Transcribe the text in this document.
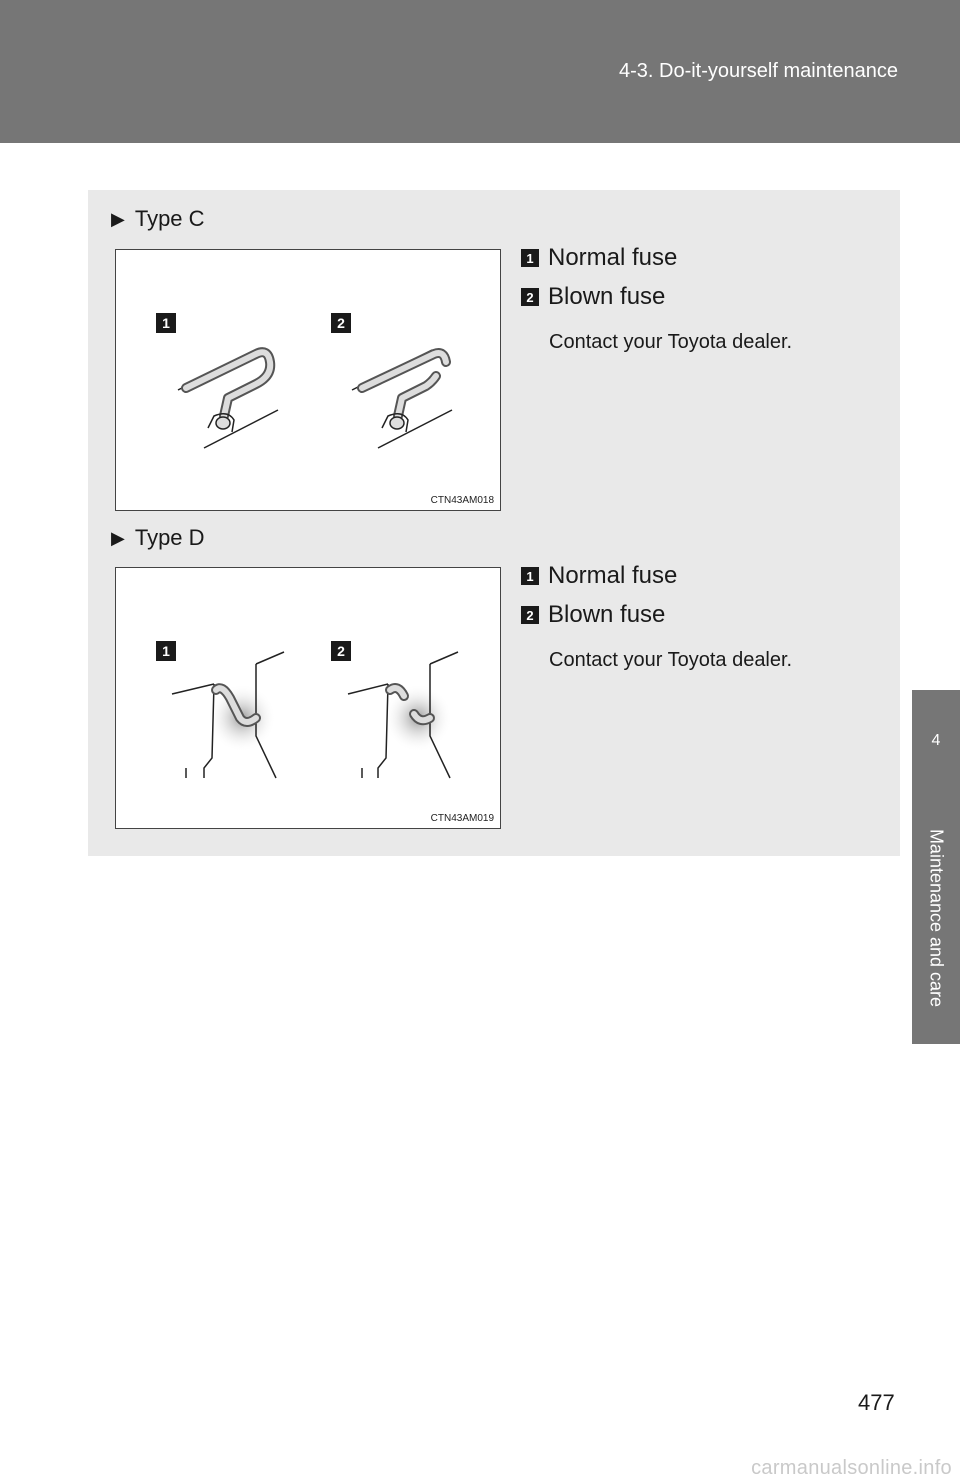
4-3. Do-it-yourself maintenance
4
Maintenance and care
▶ Type C
1	2
CTN43AM018
1 Normal fuse
2 Blown fuse
Contact your Toyota dealer.
▶ Type D
1	2
CTN43AM019
1 Normal fuse
2 Blown fuse
Contact your Toyota dealer.
477
carmanualsonline.info
